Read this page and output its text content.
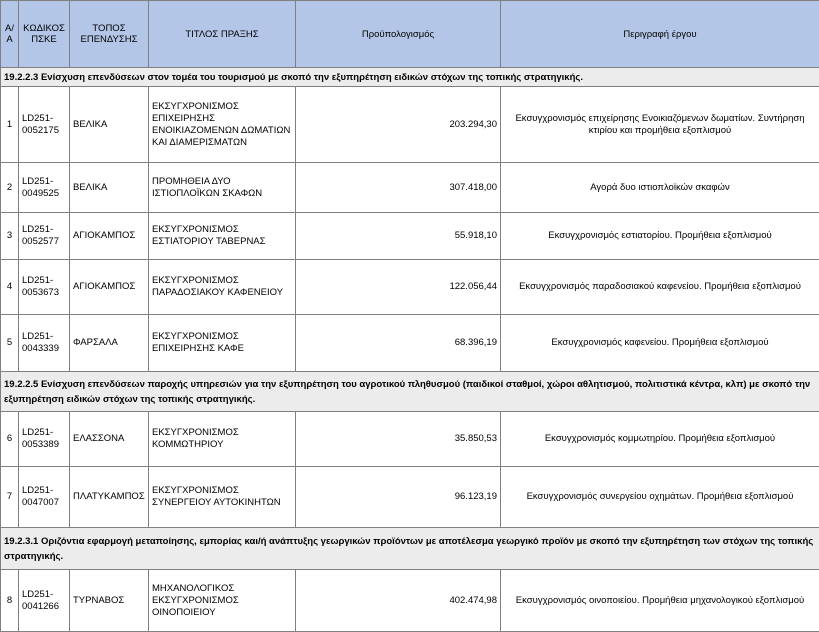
Α/Α	ΚΩΔΙΚΟΣ ΠΣΚΕ	ΤΟΠΟΣ ΕΠΕΝΔΥΣΗΣ	ΤΙΤΛΟΣ ΠΡΑΞΗΣ	Προϋπολογισμός	Περιγραφή έργου
19.2.2.3 Ενίσχυση επενδύσεων στον τομέα του τουρισμού με σκοπό την εξυπηρέτηση ειδικών στόχων της τοπικής στρατηγικής.					
1	LD251-0052175	ΒΕΛΙΚΑ	ΕΚΣΥΓΧΡΟΝΙΣΜΟΣ ΕΠΙΧΕΙΡΗΣΗΣ ΕΝΟΙΚΙΑΖΟΜΕΝΩΝ ΔΩΜΑΤΙΩΝ ΚΑΙ ΔΙΑΜΕΡΙΣΜΑΤΩΝ	203.294,30	Εκσυγχρονισμός επιχείρησης Ενοικιαζόμενων δωματίων. Συντήρηση κτιρίου και προμήθεια εξοπλισμού
2	LD251-0049525	ΒΕΛΙΚΑ	ΠΡΟΜΗΘΕΙΑ ΔΥΟ ΙΣΤΙΟΠΛΟΪΚΩΝ ΣΚΑΦΩΝ	307.418,00	Αγορά δυο ιστιοπλοϊκών σκαφών
3	LD251-0052577	ΑΓΙΟΚΑΜΠΟΣ	ΕΚΣΥΓΧΡΟΝΙΣΜΟΣ ΕΣΤΙΑΤΟΡΙΟΥ ΤΑΒΕΡΝΑΣ	55.918,10	Εκσυγχρονισμός εστιατορίου. Προμήθεια εξοπλισμού
4	LD251-0053673	ΑΓΙΟΚΑΜΠΟΣ	ΕΚΣΥΓΧΡΟΝΙΣΜΟΣ ΠΑΡΑΔΟΣΙΑΚΟΥ ΚΑΦΕΝΕΙΟΥ	122.056,44	Εκσυγχρονισμός παραδοσιακού καφενείου. Προμήθεια εξοπλισμού
5	LD251-0043339	ΦΑΡΣΑΛΑ	ΕΚΣΥΓΧΡΟΝΙΣΜΟΣ ΕΠΙΧΕΙΡΗΣΗΣ ΚΑΦΕ	68.396,19	Εκσυγχρονισμός καφενείου. Προμήθεια εξοπλισμού
19.2.2.5 Ενίσχυση επενδύσεων παροχής υπηρεσιών για την εξυπηρέτηση του αγροτικού πληθυσμού (παιδικοί σταθμοί, χώροι αθλητισμού, πολιτιστικά κέντρα, κλπ) με σκοπό την εξυπηρέτηση ειδικών στόχων της τοπικής στρατηγικής.					
6	LD251-0053389	ΕΛΑΣΣΟΝΑ	ΕΚΣΥΓΧΡΟΝΙΣΜΟΣ ΚΟΜΜΩΤΗΡΙΟΥ	35.850,53	Εκσυγχρονισμός κομμωτηρίου. Προμήθεια εξοπλισμού
7	LD251-0047007	ΠΛΑΤΥΚΑΜΠΟΣ	ΕΚΣΥΓΧΡΟΝΙΣΜΟΣ ΣΥΝΕΡΓΕΙΟΥ ΑΥΤΟΚΙΝΗΤΩΝ	96.123,19	Εκσυγχρονισμός συνεργείου οχημάτων. Προμήθεια εξοπλισμού
19.2.3.1 Οριζόντια εφαρμογή μεταποίησης, εμπορίας και/ή ανάπτυξης γεωργικών προϊόντων με αποτέλεσμα γεωργικό προϊόν με σκοπό την εξυπηρέτηση των στόχων της τοπικής στρατηγικής.					
8	LD251-0041266	ΤΥΡΝΑΒΟΣ	ΜΗΧΑΝΟΛΟΓΙΚΟΣ ΕΚΣΥΓΧΡΟΝΙΣΜΟΣ ΟΙΝΟΠΟΙΕΙΟΥ	402.474,98	Εκσυγχρονισμός οινοποιείου. Προμήθεια μηχανολογικού εξοπλισμού
